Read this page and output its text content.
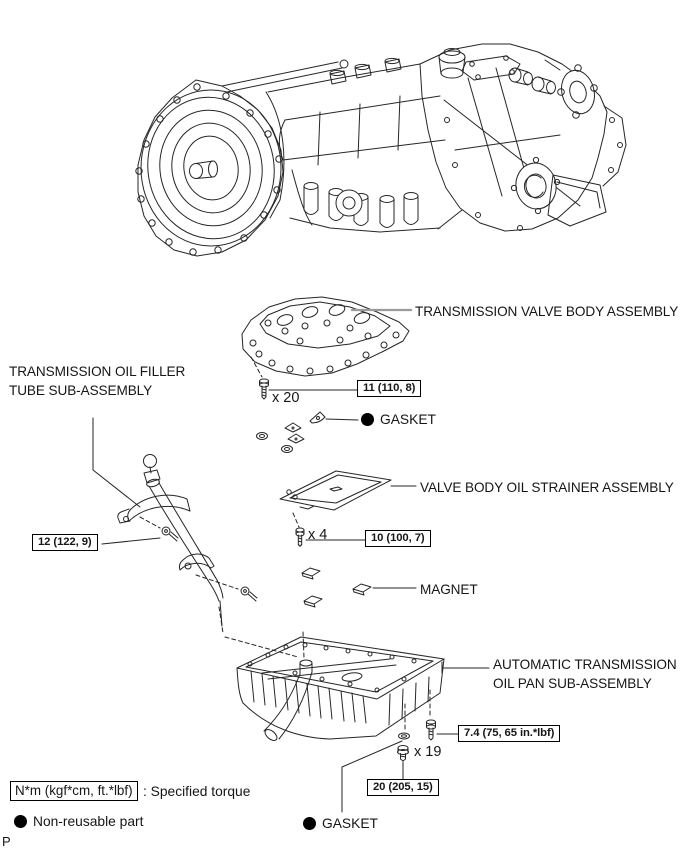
TRANSMISSION VALVE BODY ASSEMBLY
TRANSMISSION OIL FILLER
TUBE SUB-ASSEMBLY
GASKET
VALVE BODY OIL STRAINER ASSEMBLY
MAGNET
AUTOMATIC TRANSMISSION
OIL PAN SUB-ASSEMBLY
GASKET
x 20
x 4
x 19
11 (110, 8)
12 (122, 9)	10 (100, 7)
7.4 (75, 65 in.*lbf)
20 (205, 15)
N*m (kgf*cm, ft.*lbf) : Specified torque
Non-reusable part
P
